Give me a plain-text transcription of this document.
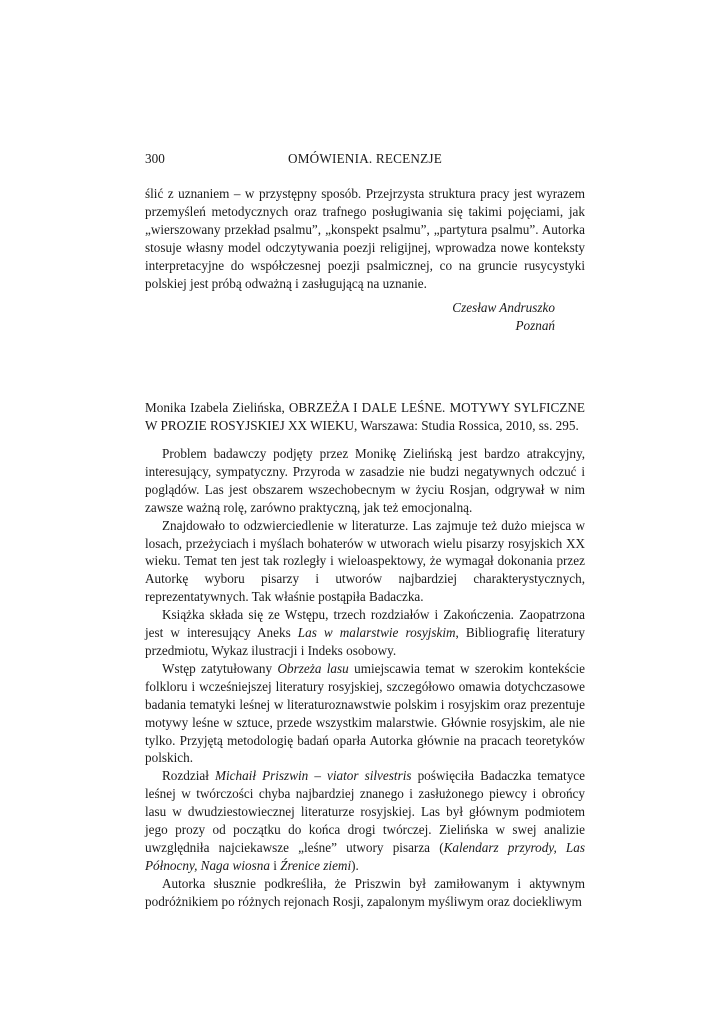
300	OMÓWIENIA. RECENZJE

ślić z uznaniem – w przystępny sposób. Przejrzysta struktura pracy jest wyrazem przemyśleń metodycznych oraz trafnego posługiwania się takimi pojęciami, jak „wierszowany przekład psalmu”, „konspekt psalmu”, „partytura psalmu”. Autorka stosuje własny model odczytywania poezji religijnej, wprowadza nowe konteksty interpretacyjne do współczesnej poezji psalmicznej, co na gruncie rusycystyki polskiej jest próbą odważną i zasługującą na uznanie.

Czesław Andruszko
Poznań
Monika Izabela Zielińska, OBRZEŻA I DALE LEŚNE. MOTYWY SYLFICZNE W PROZIE ROSYJSKIEJ XX WIEKU, Warszawa: Studia Rossica, 2010, ss. 295.

Problem badawczy podjęty przez Monikę Zielińską jest bardzo atrakcyjny, interesujący, sympatyczny. Przyroda w zasadzie nie budzi negatywnych odczuć i poglądów. Las jest obszarem wszechobecnym w życiu Rosjan, odgrywał w nim zawsze ważną rolę, zarówno praktyczną, jak też emocjonalną.

Znajdowało to odzwierciedlenie w literaturze. Las zajmuje też dużo miejsca w losach, przeżyciach i myślach bohaterów w utworach wielu pisarzy rosyjskich XX wieku. Temat ten jest tak rozległy i wieloaspektowy, że wymagał dokonania przez Autorkę wyboru pisarzy i utworów najbardziej charakterystycznych, reprezentatywnych. Tak właśnie postąpiła Badaczka.

Książka składa się ze Wstępu, trzech rozdziałów i Zakończenia. Zaopatrzona jest w interesujący Aneks Las w malarstwie rosyjskim, Bibliografię literatury przedmiotu, Wykaz ilustracji i Indeks osobowy.

Wstęp zatytułowany Obrzeża lasu umiejscawia temat w szerokim kontekście folkloru i wcześniejszej literatury rosyjskiej, szczegółowo omawia dotychczasowe badania tematyki leśnej w literaturoznawstwie polskim i rosyjskim oraz prezentuje motywy leśne w sztuce, przede wszystkim malarstwie. Głównie rosyjskim, ale nie tylko. Przyjętą metodologię badań oparła Autorka głównie na pracach teoretyków polskich.

Rozdział Michaił Priszwin – viator silvestris poświęciła Badaczka tematyce leśnej w twórczości chyba najbardziej znanego i zasłużonego piewcy i obrońcy lasu w dwudziestowiecznej literaturze rosyjskiej. Las był głównym podmiotem jego prozy od początku do końca drogi twórczej. Zielińska w swej analizie uwzględniła najciekawsze „leśne” utwory pisarza (Kalendarz przyrody, Las Północny, Naga wiosna i Źrenice ziemi).

Autorka słusznie podkreśliła, że Priszwin był zamiłowanym i aktywnym podróżnikiem po różnych rejonach Rosji, zapalonym myśliwym oraz dociekliwym
